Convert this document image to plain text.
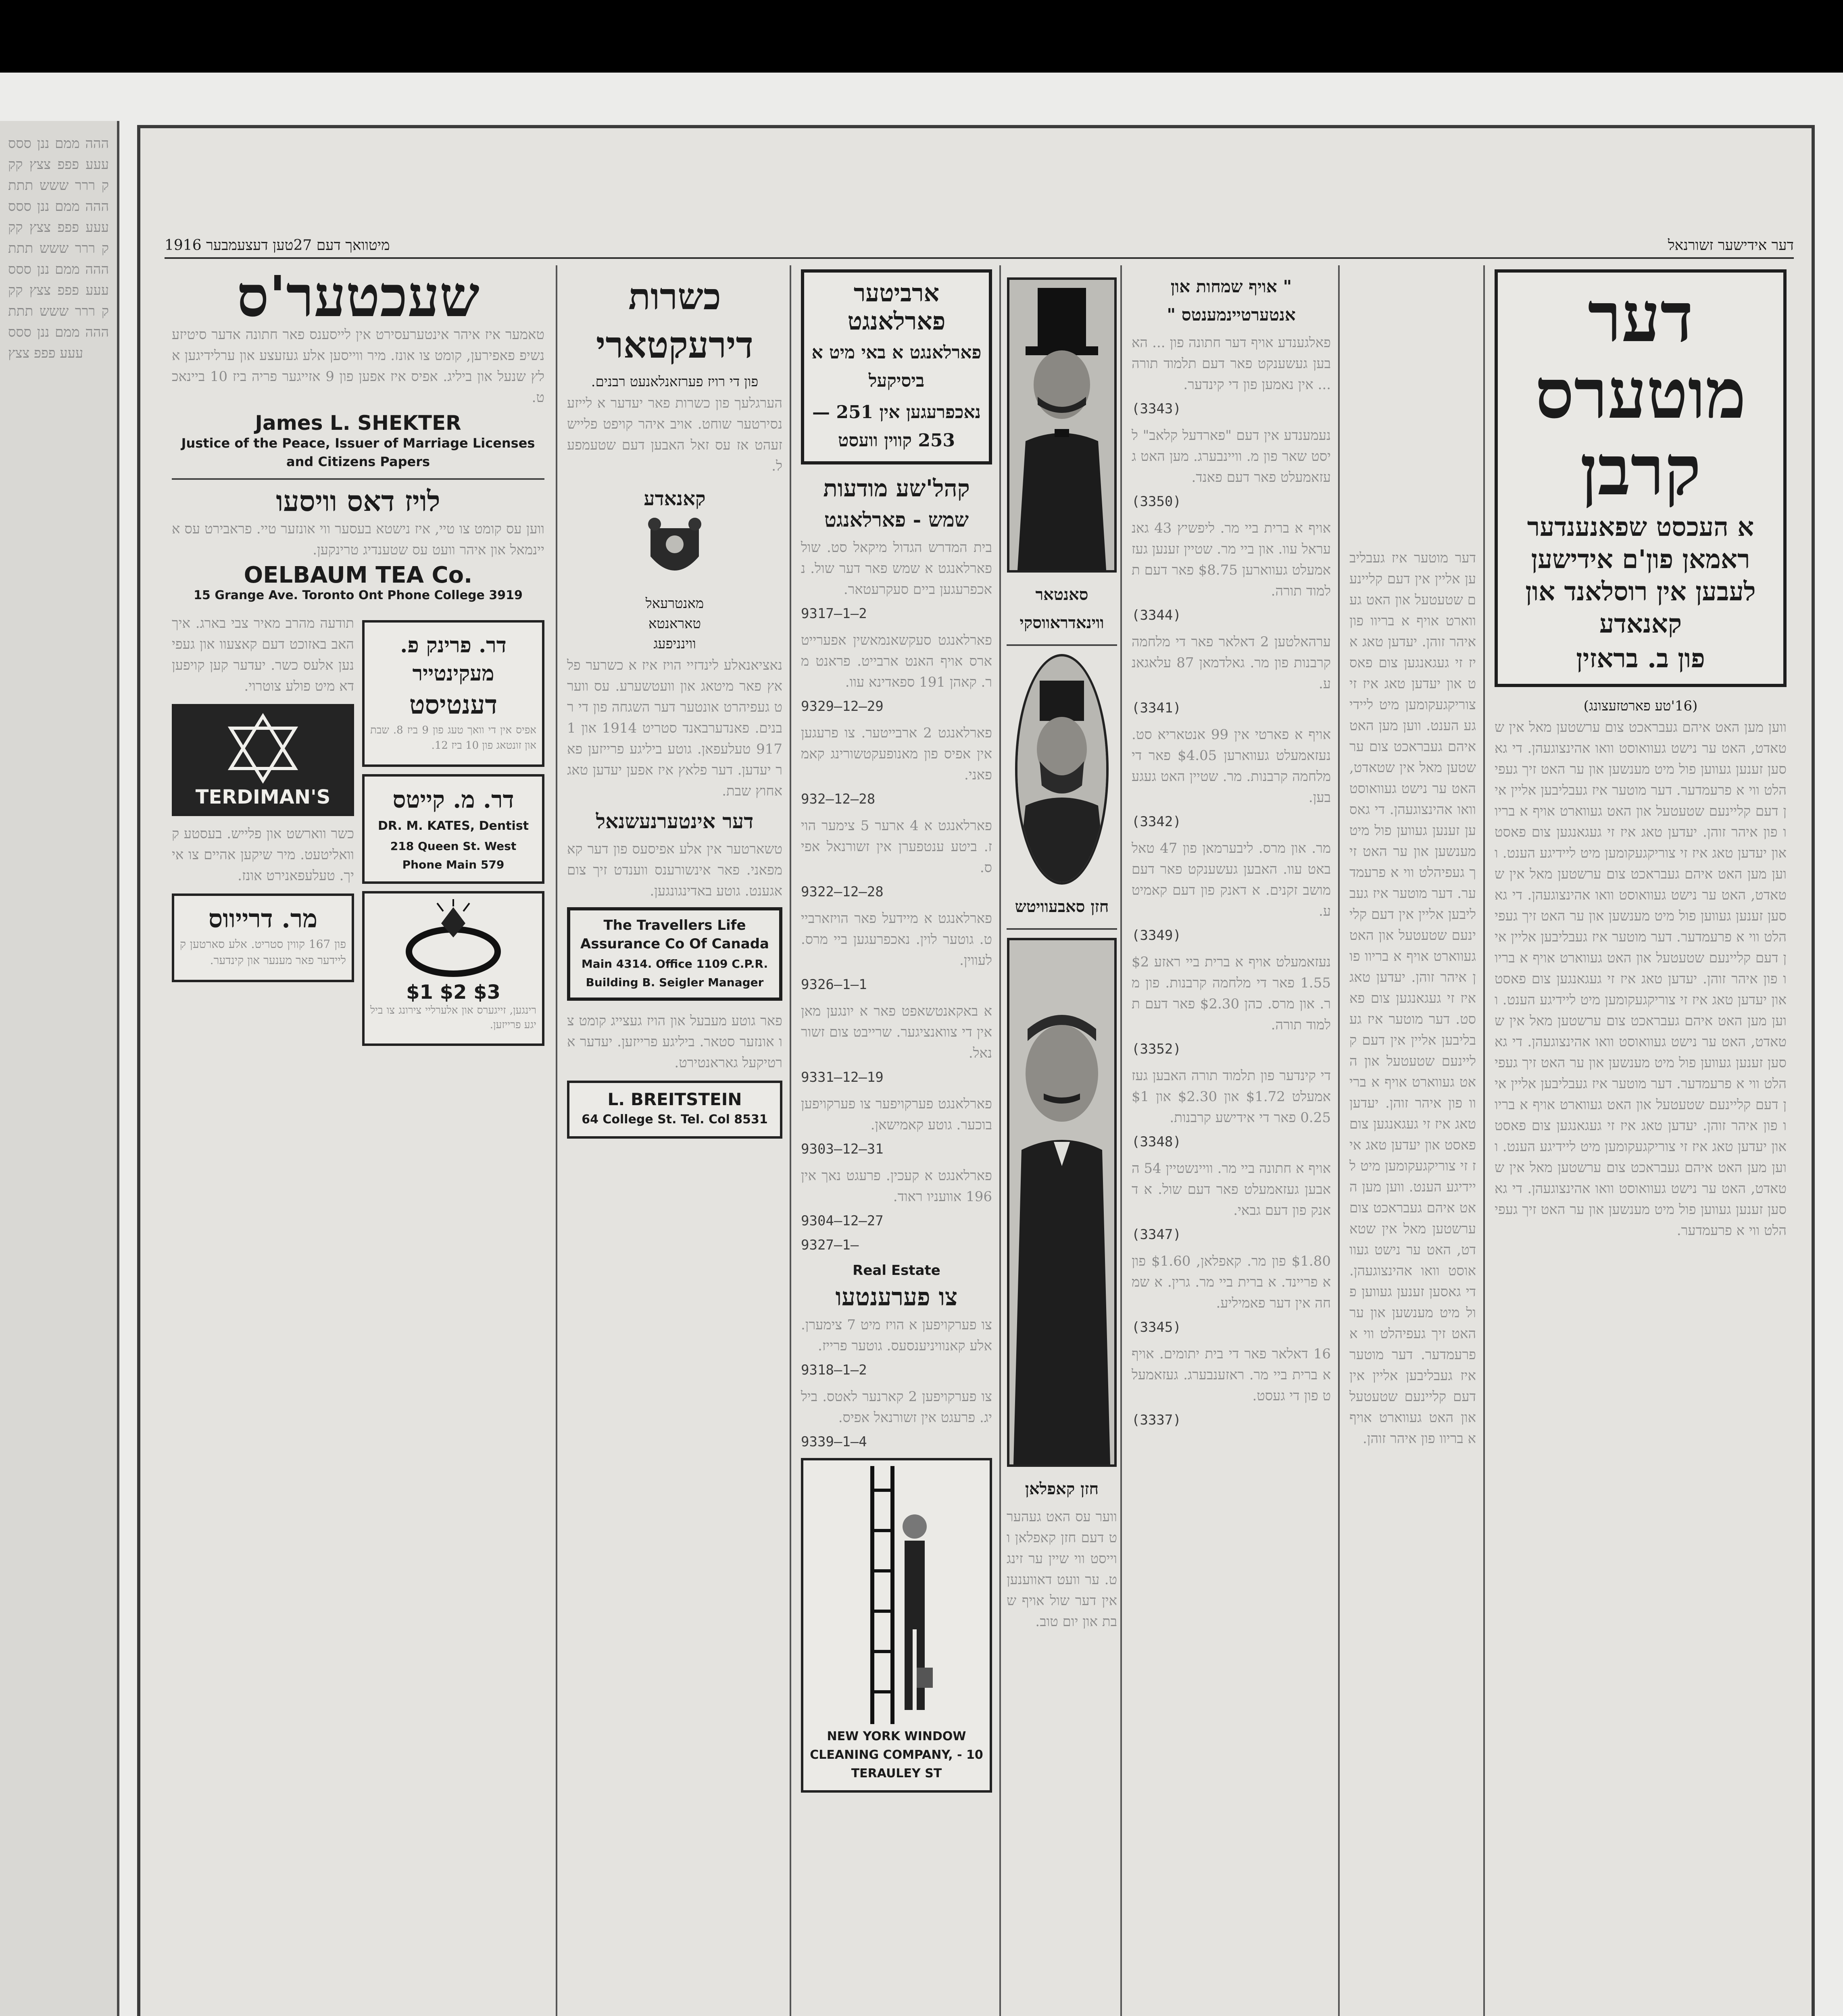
ההה ממם ננן ססס עעע פפפ צצץ קקק ררר ששש תתת ההה ממם ננן ססס עעע פפפ צצץ קקק ררר ששש תתת ההה ממם ננן ססס עעע פפפ צצץ קקק ררר ששש תתת ההה ממם ננן ססס עעע פפפ צצץ
דער אידישער זשורנאל
מיטוואך דעם 27טען דעצעמבער 1916

דער מוטערס קרבן

א העכסט שפאנענדער ראמאן פון'ם אידישען לעבען אין רוסלאנד און קאנאדע

פון ב. בראזין

(16'טע פארטזעצונג)

ווען מען האט איהם געבראכט צום ערשטען מאל אין שטאדט, האט ער נישט געוואוסט וואו אהינצוגעהן. די גאסען זענען געווען פול מיט מענשען און ער האט זיך געפיהלט ווי א פרעמדער. דער מוטער איז געבליבען אליין אין דעם קליינעם שטעטעל און האט געווארט אויף א בריוו פון איהר זוהן. יעדען טאג איז זי געגאנגען צום פאסט און יעדען טאג איז זי צוריקגעקומען מיט ליידיגע הענט. ווען מען האט איהם געבראכט צום ערשטען מאל אין שטאדט, האט ער נישט געוואוסט וואו אהינצוגעהן. די גאסען זענען געווען פול מיט מענשען און ער האט זיך געפיהלט ווי א פרעמדער. דער מוטער איז געבליבען אליין אין דעם קליינעם שטעטעל און האט געווארט אויף א בריוו פון איהר זוהן. יעדען טאג איז זי געגאנגען צום פאסט און יעדען טאג איז זי צוריקגעקומען מיט ליידיגע הענט. ווען מען האט איהם געבראכט צום ערשטען מאל אין שטאדט, האט ער נישט געוואוסט וואו אהינצוגעהן. די גאסען זענען געווען פול מיט מענשען און ער האט זיך געפיהלט ווי א פרעמדער. דער מוטער איז געבליבען אליין אין דעם קליינעם שטעטעל און האט געווארט אויף א בריוו פון איהר זוהן. יעדען טאג איז זי געגאנגען צום פאסט און יעדען טאג איז זי צוריקגעקומען מיט ליידיגע הענט. ווען מען האט איהם געבראכט צום ערשטען מאל אין שטאדט, האט ער נישט געוואוסט וואו אהינצוגעהן. די גאסען זענען געווען פול מיט מענשען און ער האט זיך געפיהלט ווי א פרעמדער.

דער מוטער איז געבליבען אליין אין דעם קליינעם שטעטעל און האט געווארט אויף א בריוו פון איהר זוהן. יעדען טאג איז זי געגאנגען צום פאסט און יעדען טאג איז זי צוריקגעקומען מיט ליידיגע הענט. ווען מען האט איהם געבראכט צום ערשטען מאל אין שטאדט, האט ער נישט געוואוסט וואו אהינצוגעהן. די גאסען זענען געווען פול מיט מענשען און ער האט זיך געפיהלט ווי א פרעמדער. דער מוטער איז געבליבען אליין אין דעם קליינעם שטעטעל און האט געווארט אויף א בריוו פון איהר זוהן. יעדען טאג איז זי געגאנגען צום פאסט. דער מוטער איז געבליבען אליין אין דעם קליינעם שטעטעל און האט געווארט אויף א בריוו פון איהר זוהן. יעדען טאג איז זי געגאנגען צום פאסט און יעדען טאג איז זי צוריקגעקומען מיט ליידיגע הענט. ווען מען האט איהם געבראכט צום ערשטען מאל אין שטאדט, האט ער נישט געוואוסט וואו אהינצוגעהן. די גאסען זענען געווען פול מיט מענשען און ער האט זיך געפיהלט ווי א פרעמדער. דער מוטער איז געבליבען אליין אין דעם קליינעם שטעטעל און האט געווארט אויף א בריוו פון איהר זוהן.

" אויף שמחות און אנטערטיינמענטס "

פאלגענדע אויף דער חתונה פון ... האבען געשענקט פאר דעם תלמוד תורה ... אין נאמען פון די קינדער.

(3343)

נעמענדע אין דעם "פארדעל קלאב" ליסט שאר פון מ. וויינבערג. מען האט געזאמעלט פאר דעם פאנד.

(3350)

אויף א ברית ביי מר. ליפשיץ 43 גאנעראל עוו. און ביי מר. שטיין זענען געזאמעלט געווארען $8.75 פאר דעם תלמוד תורה.

(3344)

ערהאלטען 2 דאלאר פאר די מלחמה קרבנות פון מר. גאלדמאן 87 עלאגאנע.

(3341)

אויף א פארטי אין 99 אנטאריא סט. נעזאמעלט געווארען $4.05 פאר די מלחמה קרבנות. מר. שטיין האט געגעבען.

(3342)

מר. און מרס. ליבערמאן פון 47 טאלבאט עוו. האבען געשענקט פאר דעם מושב זקנים. א דאנק פון דעם קאמיטע.

(3349)

נעזאמעלט אויף א ברית ביי ראזע $21.55 פאר די מלחמה קרבנות. פון מר. און מרס. כהן $2.30 פאר דעם תלמוד תורה.

(3352)

די קינדער פון תלמוד תורה האבען געזאמעלט $1.72 און $2.30 און $10.25 פאר די אידישע קרבנות.

(3348)

אויף א חתונה ביי מר. וויינשטיין 54 האבען געזאמעלט פאר דעם שול. א דאנק פון דעם גבאי.

(3347)

$1.80 פון מר. קאפלאן, $1.60 פון א פריינד. א ברית ביי מר. גרין. א שמחה אין דער פאמיליע.

(3345)

16 דאלאר פאר די בית יתומים. אויף א ברית ביי מר. ראזענבערג. געזאמעלט פון די געסט.

(3337)

סאנטאר ווינאדראווסקי

חזן סאבעוויטש

חזן קאפלאן

ווער עס האט געהערט דעם חזן קאפלאן ווייסט ווי שיין ער זינגט. ער וועט דאווענען אין דער שול אויף שבת און יום טוב.

ארביטער פארלאנגט

פארלאנגט א באי מיט א ביסיקעל

נאכפרעגען אין 251 — 253 קווין וועסט

קהל'שע מודעות

שמש - פארלאנגט

בית המדרש הגדול מיקאל סט. שול פארלאנגט א שמש פאר דער שול. נאכפרעגען ביים סעקרעטאר.

9317—1—2

פארלאנגט סעקשאנמאשין אפערייטארס אויף האנט ארבייט. פראנט מר. קאהן 191 ספאדינא עוו.

9329—12—29

פארלאנגט 2 ארבייטער. צו פרעגען אין אפיס פון מאנופעקטשורינג קאמפאני.

932—12—28

פארלאנגט א 4 ארער 5 צימער הויז. ביטע ענטפערן אין זשורנאל אפיס.

9322—12—28

פארלאנגט א מיידעל פאר הויזארבייט. גוטער לוין. נאכפרעגען ביי מרס. לעווין.

9326—1—1

א באקאנטשאפט פאר א יונגען מאן אין די צוואנציגער. שרייבט צום זשורנאל.

9331—12—19

פארלאנגט פערקויפער צו פערקויפען בוכער. גוטע קאמישאן.

9303—12—31

פארלאנגט א קעכין. פרעגט נאך אין 196 אוועניו ראוד.

9304—12—27

9327—1—

Real Estate

צו פערענטעו

צו פערקויפען א הויז מיט 7 צימערן. אלע קאנוויניענסעס. גוטער פרייז.

9318—1—2

צו פערקויפען 2 קארנער לאטס. ביליג. פרעגט אין זשורנאל אפיס.

9339—1—4

NEW YORK WINDOW CLEANING COMPANY, - 10 TERAULEY ST

כשרות דירעקטארי

פון די רויז פערזאנלאנעט רבנים.

הערגלעך פון כשרות פאר יעדער א לייזענסירטער שוחט. אויב איהר קויפט פלייש זעהט אז עס זאל האבען דעם שטעמפעל.

קאנאדע

מאנטרעאל

טאראנטא

ווינניפעג

נאציאנאלע לינדזיי הויז איז א כשרער פלאץ פאר מיטאג און וועטשערע. עס ווערט געפיהרט אונטער דער השגחה פון די רבנים. פאנדערבאנד סטריט 1914 און 1917 טעלעפאן. גוטע ביליגע פרייזען פאר יעדען. דער פלאץ איז אפען יעדען טאג אחוץ שבת.

דער אינטערנעשנאל

טשארטער אין אלע אפיסעס פון דער קאמפאני. פאר אינשורענס ווענדט זיך צום אגענט. גוטע באדינגונגען.

The Travellers Life Assurance Co Of Canada

Main 4314. Office 1109 C.P.R. Building B. Seigler Manager

פאר גוטע מעבעל און הויז געצייג קומט צו אונזער סטאר. ביליגע פרייזען. יעדער ארטיקעל גאראנטירט.

L. BREITSTEIN

64 College St. Tel. Col 8531

שעכטער'ס

טאמער איז איהר אינטערעסירט אין לייסענס פאר חתונה אדער סיטיזענשיפ פאפירען, קומט צו אונז. מיר ווייסען אלע געזעצע און ערלידיגען אלץ שנעל און ביליג. אפיס איז אפען פון 9 אזייגער פריה ביז 10 ביינאכט.

James L. SHEKTER

Justice of the Peace, Issuer of Marriage Licenses and Citizens Papers

לויז דאס וויסעו

ווען עס קומט צו טיי, איז נישטא בעסער ווי אונזער טיי. פראבירט עס איינמאל און איהר וועט עס שטענדיג טרינקען.

OELBAUM TEA Co.

15 Grange Ave. Toronto Ont Phone College 3919

דר. פרינק פ. מעקינטייר

דענטיסט

אפיס אין די וואך טעג פון 9 ביז 8. שבת און זונטאג פון 10 ביז 12.

דר. מ. קייטס

DR. M. KATES, Dentist

218 Queen St. West Phone Main 579

$1 $2 $3

רינגען, זייגערס און אלערליי צירונג צו ביליגע פרייזען.

תודעה מהרב מאיר צבי בארג. איך האב באזוכט דעם קאצעוו און געפינען אלעס כשר. יעדער קען קויפען דא מיט פולע צוטרוי.

TERDIMAN'S

כשר ווארשט און פלייש. בעסטע קוואליטעט. מיר שיקען אהיים צו אייך. טעלעפאנירט אונז.

מר. דרייווס

פון 167 קווין סטריט. אלע סארטען קליידער פאר מענער און קינדער.
